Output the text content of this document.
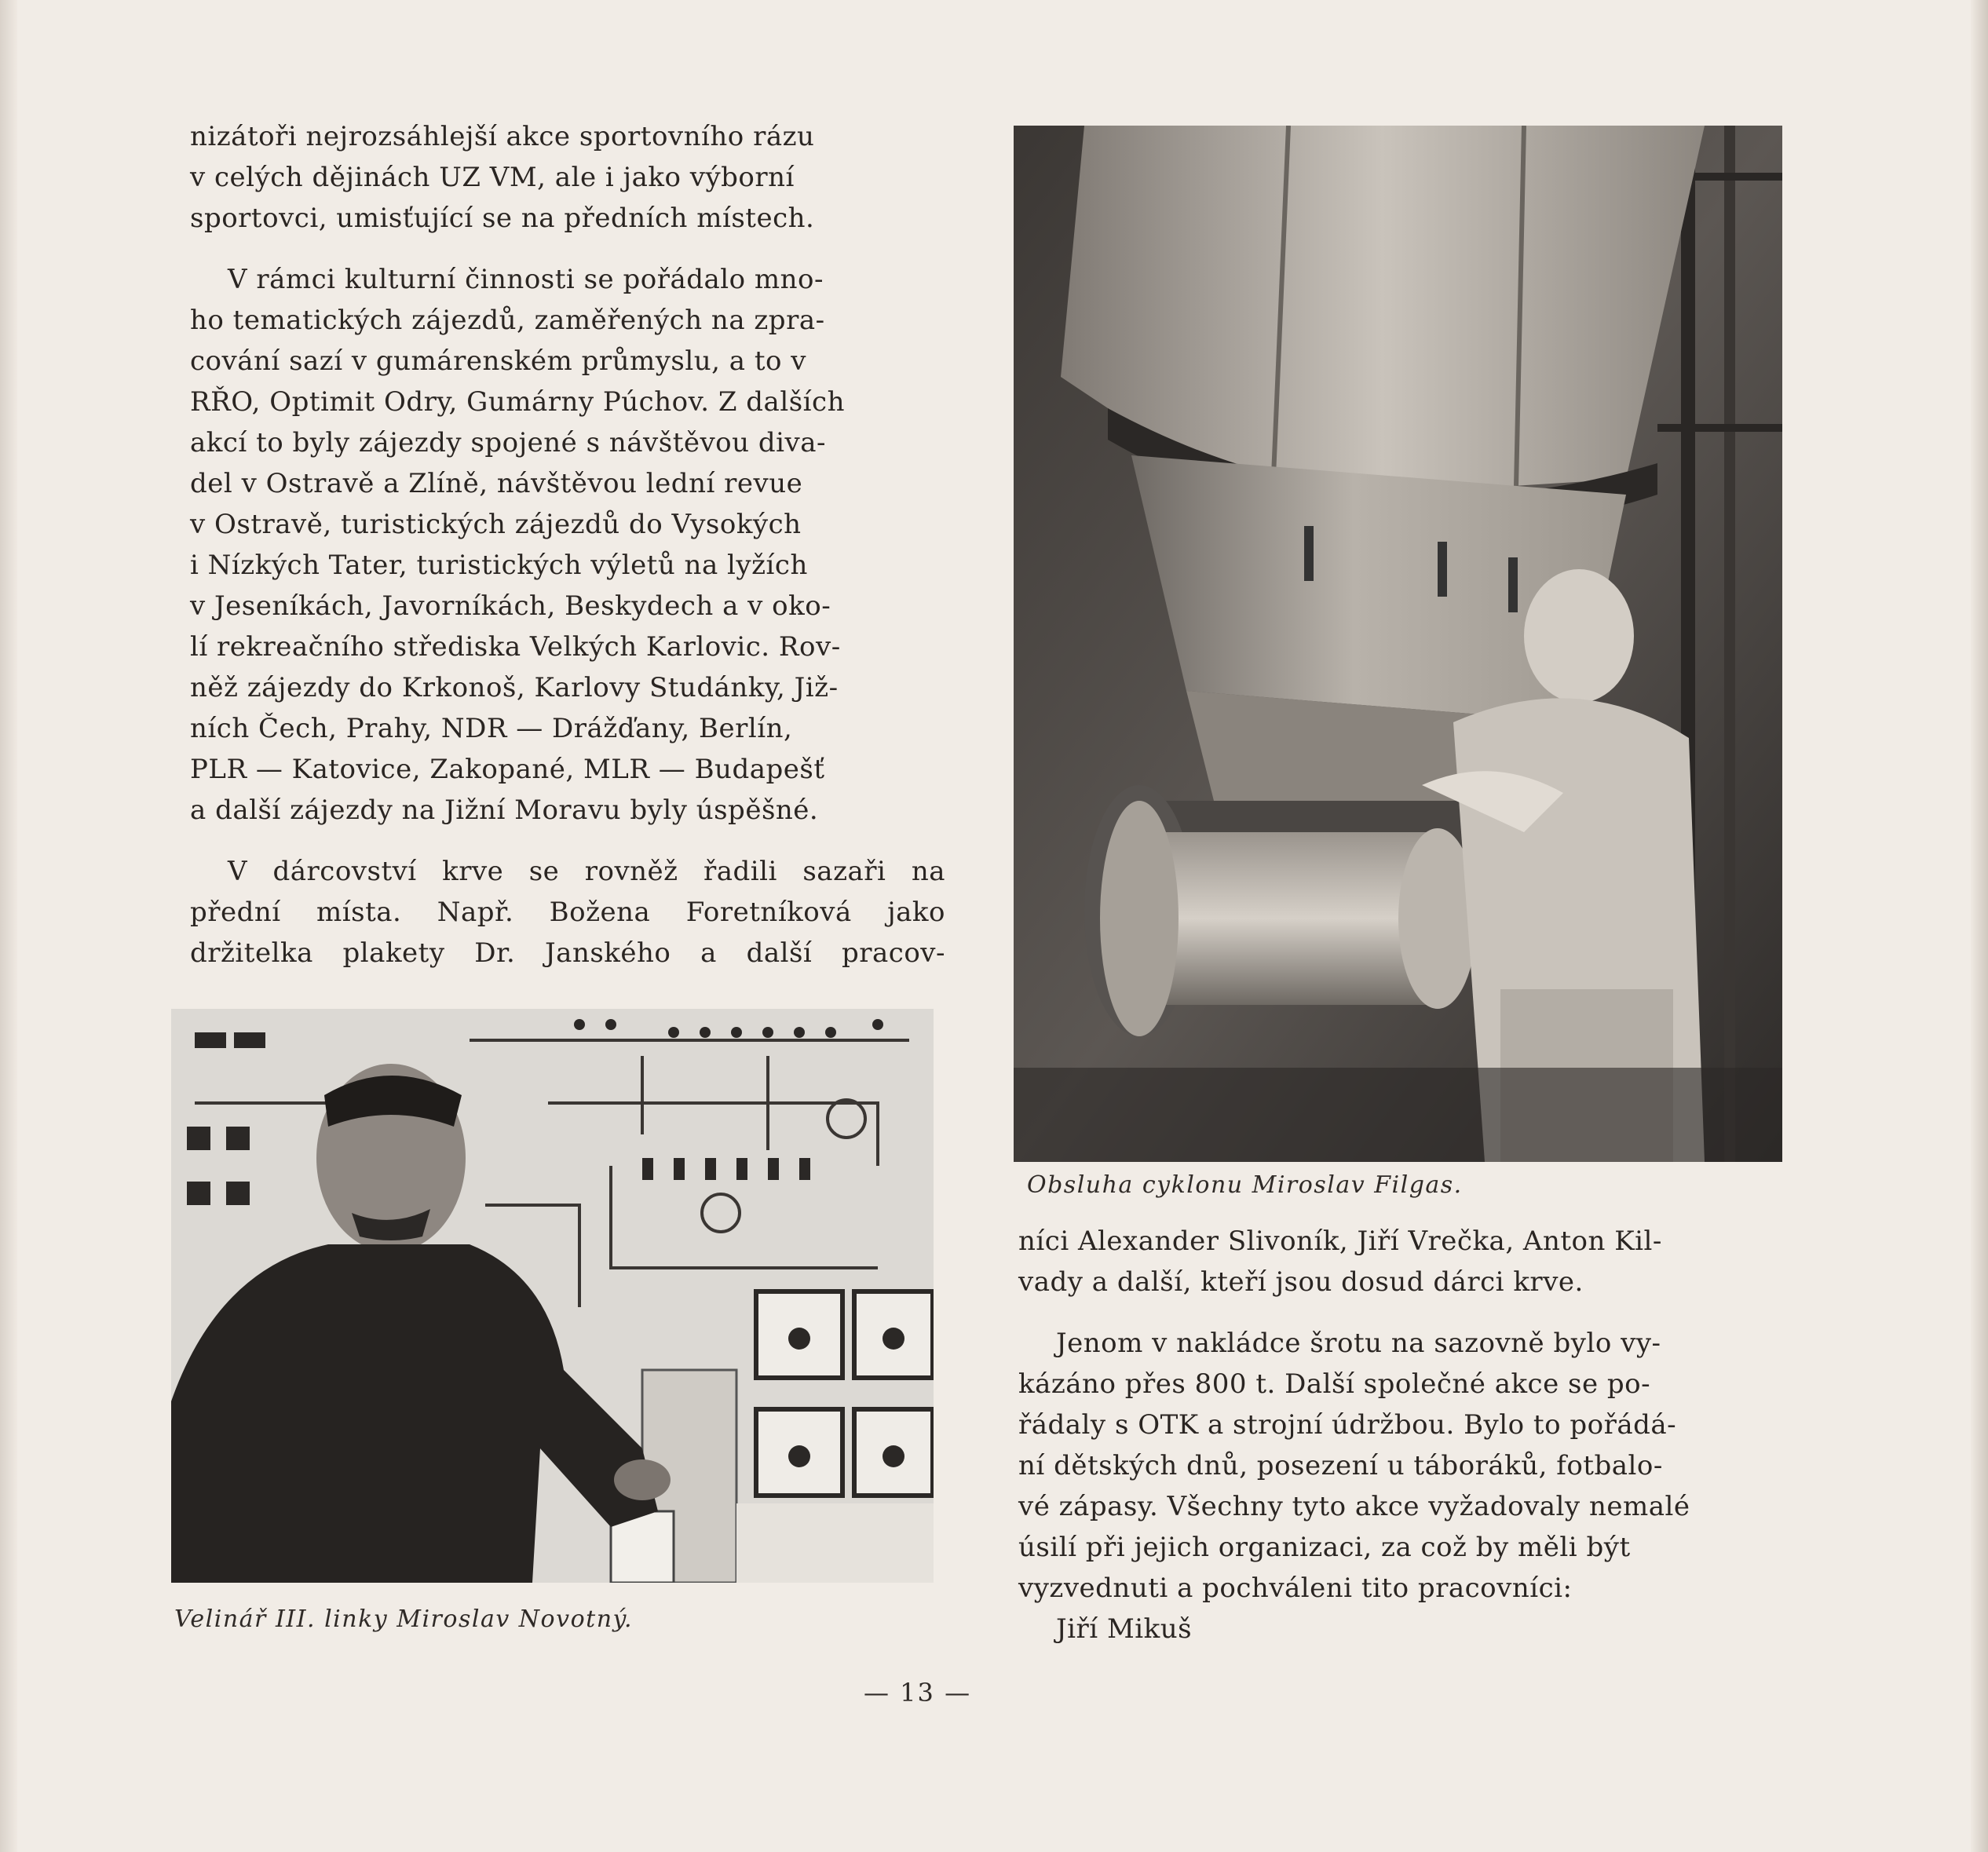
nizátoři nejrozsáhlejší akce sportovního rázu
v celých dějinách UZ VM, ale i jako výborní
sportovci, umisťující se na předních místech.

V rámci kulturní činnosti se pořádalo mno-
ho tematických zájezdů, zaměřených na zpra-
cování sazí v gumárenském průmyslu, a to v
RŘO, Optimit Odry, Gumárny Púchov. Z dalších
akcí to byly zájezdy spojené s návštěvou diva-
del v Ostravě a Zlíně, návštěvou lední revue
v Ostravě, turistických zájezdů do Vysokých
i Nízkých Tater, turistických výletů na lyžích
v Jeseníkách, Javorníkách, Beskydech a v oko-
lí rekreačního střediska Velkých Karlovic. Rov-
něž zájezdy do Krkonoš, Karlovy Studánky, Již-
ních Čech, Prahy, NDR — Drážďany, Berlín,
PLR — Katovice, Zakopané, MLR — Budapešť
a další zájezdy na Jižní Moravu byly úspěšné.

V dárcovství krve se rovněž řadili sazaři na
přední místa. Např. Božena Foretníková jako
držitelka plakety Dr. Janského a další pracov-

Obsluha cyklonu Miroslav Filgas.
Velinář III. linky Miroslav Novotný.

níci Alexander Slivoník, Jiří Vrečka, Anton Kil-
vady a další, kteří jsou dosud dárci krve.

Jenom v nakládce šrotu na sazovně bylo vy-
kázáno přes 800 t. Další společné akce se po-
řádaly s OTK a strojní údržbou. Bylo to pořádá-
ní dětských dnů, posezení u táboráků, fotbalo-
vé zápasy. Všechny tyto akce vyžadovaly nemalé
úsilí při jejich organizaci, za což by měli být
vyzvednuti a pochváleni tito pracovníci:

Jiří Mikuš

— 13 —
